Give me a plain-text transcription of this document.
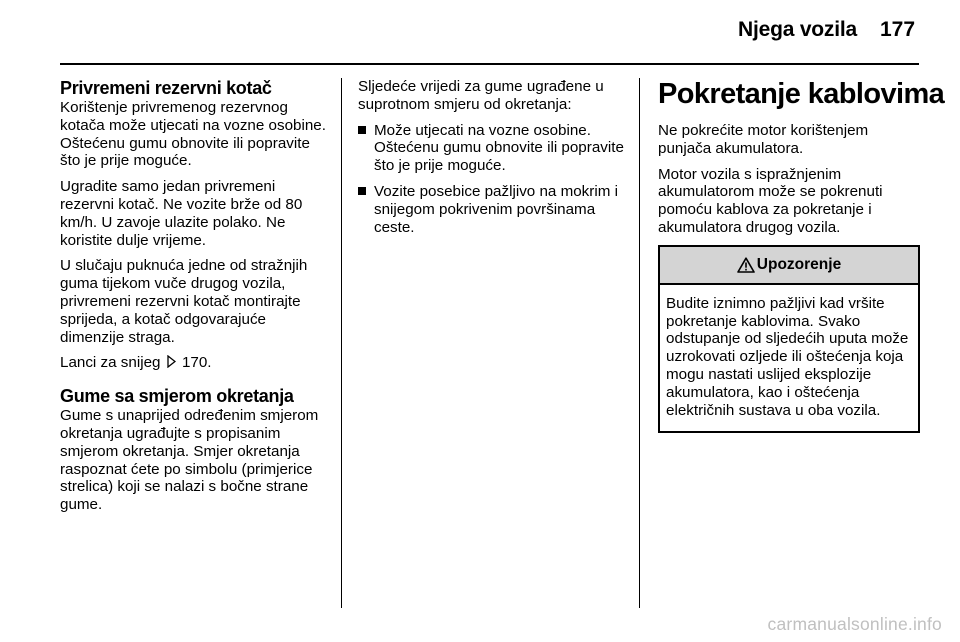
Njega vozila 177
Privremeni rezervni kotač

Korištenje privremenog rezervnog kotača može utjecati na vozne osobine. Oštećenu gumu obnovite ili popravite što je prije moguće.

Ugradite samo jedan privremeni rezervni kotač. Ne vozite brže od 80 km/h. U zavoje ulazite polako. Ne koristite dulje vrijeme.

U slučaju puknuća jedne od stražnjih guma tijekom vuče drugog vozila, privremeni rezervni kotač montirajte sprijeda, a kotač odgovarajuće dimenzije straga.

Lanci za snijeg 170.

Gume sa smjerom okretanja

Gume s unaprijed određenim smjerom okretanja ugrađujte s propisanim smjerom okretanja. Smjer okretanja raspoznat ćete po simbolu (primjerice strelica) koji se nalazi s bočne strane gume.

Sljedeće vrijedi za gume ugrađene u suprotnom smjeru od okretanja:

Može utjecati na vozne osobine. Oštećenu gumu obnovite ili popravite što je prije moguće.
Vozite posebice pažljivo na mokrim i snijegom pokrivenim površinama ceste.
Pokretanje kablovima

Ne pokrećite motor korištenjem punjača akumulatora.

Motor vozila s ispražnjenim akumulatorom može se pokrenuti pomoću kablova za pokretanje i akumulatora drugog vozila.

Upozorenje
Budite iznimno pažljivi kad vršite pokretanje kablovima. Svako odstupanje od sljedećih uputa može uzrokovati ozljede ili oštećenja koja mogu nastati uslijed eksplozije akumulatora, kao i oštećenja električnih sustava u oba vozila.
carmanualsonline.info
